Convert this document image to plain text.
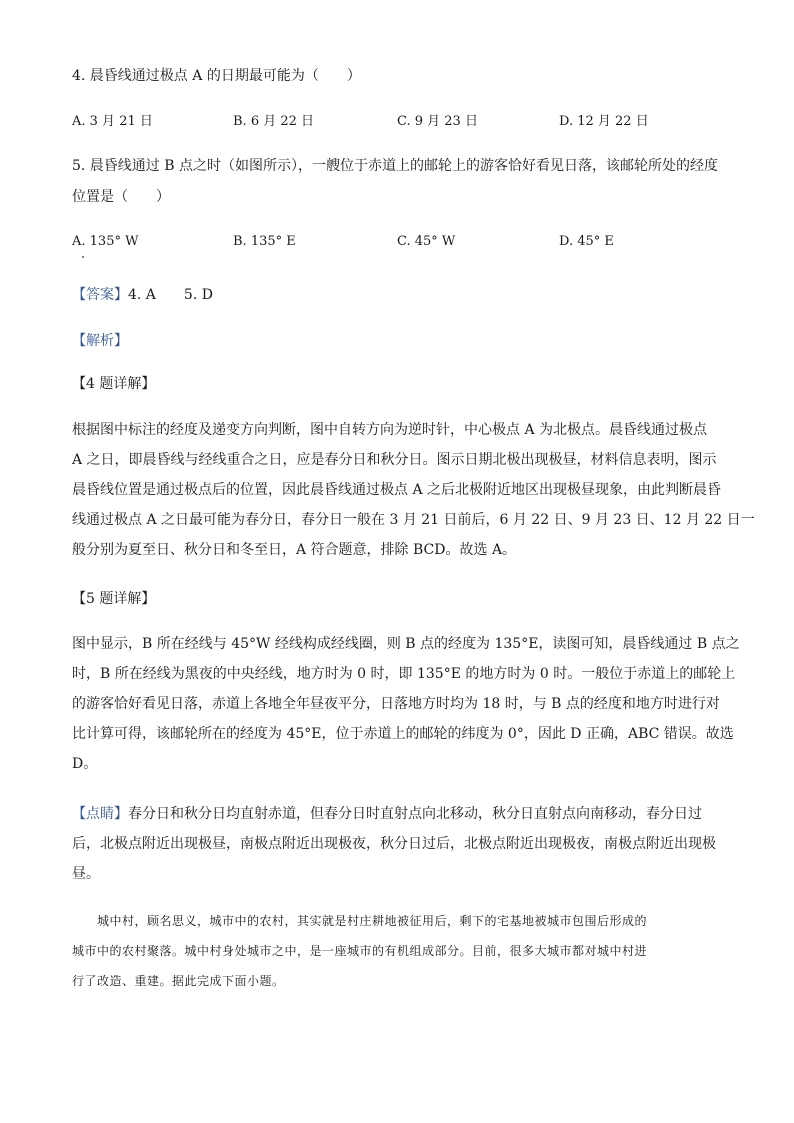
4. 晨昏线通过极点 A 的日期最可能为（　　）
A. 3 月 21 日	B. 6 月 22 日	C. 9 月 23 日	D. 12 月 22 日
5. 晨昏线通过 B 点之时（如图所示），一艘位于赤道上的邮轮上的游客恰好看见日落，该邮轮所处的经度
位置是（　　）
A. 135° W	B. 135° E	C. 45° W	D. 45° E
【答案】4. A　　5. D
【解析】
【4 题详解】
根据图中标注的经度及递变方向判断，图中自转方向为逆时针，中心极点 A 为北极点。晨昏线通过极点
A 之日，即晨昏线与经线重合之日，应是春分日和秋分日。图示日期北极出现极昼，材料信息表明，图示
晨昏线位置是通过极点后的位置，因此晨昏线通过极点 A 之后北极附近地区出现极昼现象，由此判断晨昏
线通过极点 A 之日最可能为春分日，春分日一般在 3 月 21 日前后，6 月 22 日、9 月 23 日、12 月 22 日一
般分别为夏至日、秋分日和冬至日，A 符合题意，排除 BCD。故选 A。
【5 题详解】
图中显示，B 所在经线与 45°W 经线构成经线圈，则 B 点的经度为 135°E，读图可知，晨昏线通过 B 点之
时，B 所在经线为黑夜的中央经线，地方时为 0 时，即 135°E 的地方时为 0 时。一般位于赤道上的邮轮上
的游客恰好看见日落，赤道上各地全年昼夜平分，日落地方时均为 18 时，与 B 点的经度和地方时进行对
比计算可得，该邮轮所在的经度为 45°E，位于赤道上的邮轮的纬度为 0°，因此 D 正确，ABC 错误。故选
D。
【点睛】春分日和秋分日均直射赤道，但春分日时直射点向北移动，秋分日直射点向南移动，春分日过
后，北极点附近出现极昼，南极点附近出现极夜，秋分日过后，北极点附近出现极夜，南极点附近出现极
昼。
　　城中村，顾名思义，城市中的农村，其实就是村庄耕地被征用后，剩下的宅基地被城市包围后形成的
城市中的农村聚落。城中村身处城市之中，是一座城市的有机组成部分。目前，很多大城市都对城中村进
行了改造、重建。据此完成下面小题。
